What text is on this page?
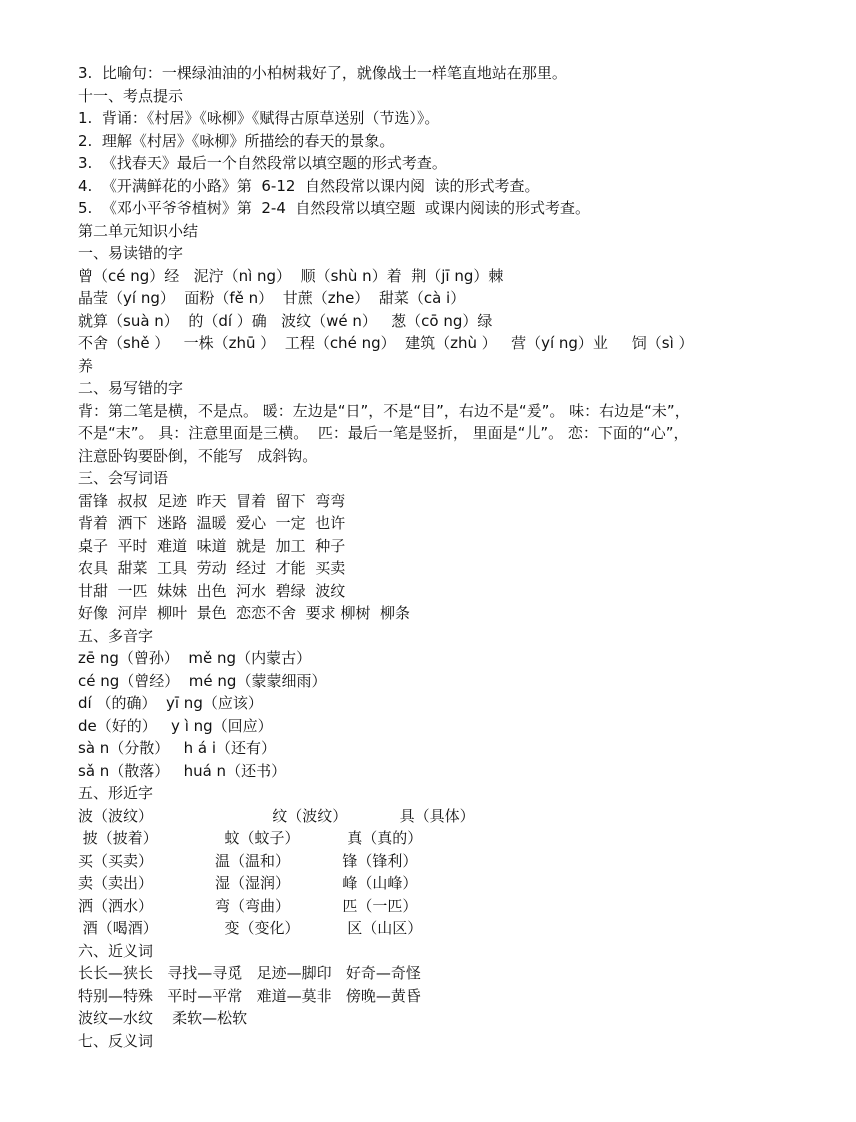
3.  比喻句：一棵绿油油的小柏树栽好了，就像战士一样笔直地站在那里。
十一、考点提示
1.  背诵：《村居》《咏柳》《赋得古原草送别（节选）》。
2.  理解《村居》《咏柳》所描绘的春天的景象。
3.  《找春天》最后一个自然段常以填空题的形式考查。
4.  《开满鲜花的小路》第  6-12  自然段常以课内阅  读的形式考查。
5.  《邓小平爷爷植树》第  2-4  自然段常以填空题  或课内阅读的形式考查。
第二单元知识小结
一、易读错的字
曾（cé ng）经   泥泞（nì ng）  顺（shù n）着  荆（jī ng）棘
晶莹（yí ng）  面粉（fě n）  甘蔗（zhe）  甜菜（cà i）
就算（suà n）  的（dí ）确   波纹（wé n）   葱（cō ng）绿
不舍（shě ）   一株（zhū ）  工程（ché ng）  建筑（zhù ）   营（yí ng）业     饲（sì ）
养
二、易写错的字
背：第二笔是横，不是点。 暖：左边是“日”，不是“目”，右边不是“爰”。 味：右边是“未”，
不是“末”。 具：注意里面是三横。  匹：最后一笔是竖折， 里面是“儿”。 恋：下面的“心”，
注意卧钩要卧倒，不能写   成斜钩。
三、会写词语
雷锋  叔叔  足迹  昨天  冒着  留下  弯弯
背着  洒下  迷路  温暖  爱心  一定  也许
桌子  平时  难道  味道  就是  加工  种子
农具  甜菜  工具  劳动  经过  才能  买卖
甘甜  一匹  妹妹  出色  河水  碧绿  波纹
好像  河岸  柳叶  景色  恋恋不舍  要求 柳树  柳条
五、多音字
zē ng（曾孙）  mě ng（内蒙古）
cé ng（曾经）  mé ng（蒙蒙细雨）
dí （的确）  yī ng（应该）
de（好的）   y ì ng（回应）
sà n（分散）   h á i（还有）
sǎ n（散落）   huá n（还书）
五、形近字
波（波纹）                         纹（波纹）           具（具体）
披（披着）              蚊（蚊子）          真（真的）
买（买卖）             温（温和）           锋（锋利）
卖（卖出）             湿（湿润）           峰（山峰）
洒（洒水）             弯（弯曲）           匹（一匹）
酒（喝酒）              变（变化）          区（山区）
六、近义词
长长—狭长   寻找—寻觅   足迹—脚印   好奇—奇怪
特别—特殊   平时—平常   难道—莫非   傍晚—黄昏
波纹—水纹    柔软—松软
七、反义词
